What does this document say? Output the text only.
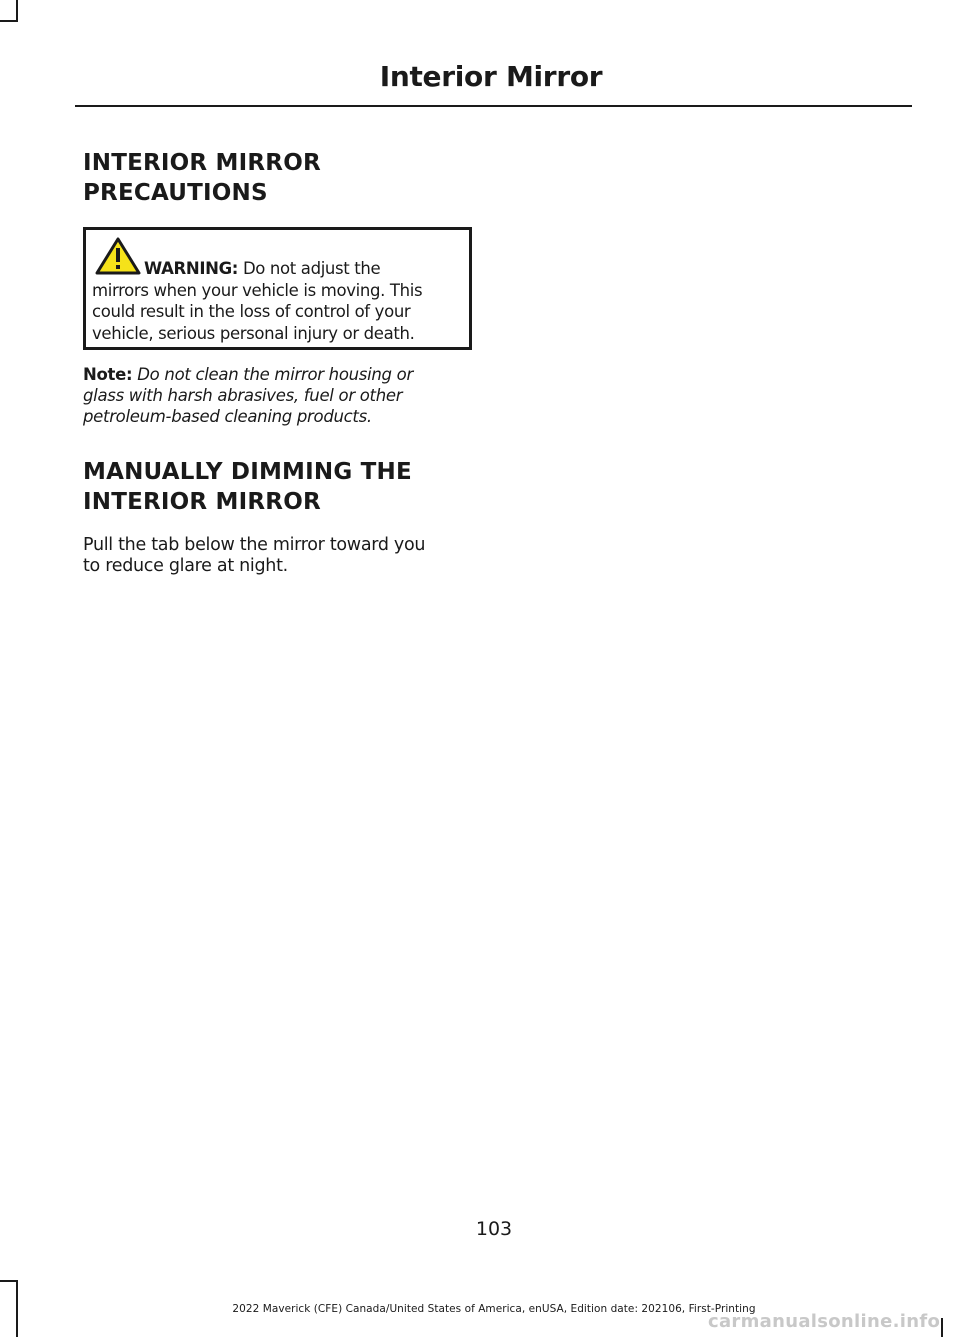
Interior Mirror
INTERIOR MIRROR
PRECAUTIONS
WARNING: Do not adjust the
mirrors when your vehicle is moving. This
could result in the loss of control of your
vehicle, serious personal injury or death.
Note: Do not clean the mirror housing or
glass with harsh abrasives, fuel or other
petroleum-based cleaning products.
MANUALLY DIMMING THE
INTERIOR MIRROR
Pull the tab below the mirror toward you
to reduce glare at night.
103
2022 Maverick (CFE) Canada/United States of America, enUSA, Edition date: 202106, First-Printing
carmanualsonline.info
